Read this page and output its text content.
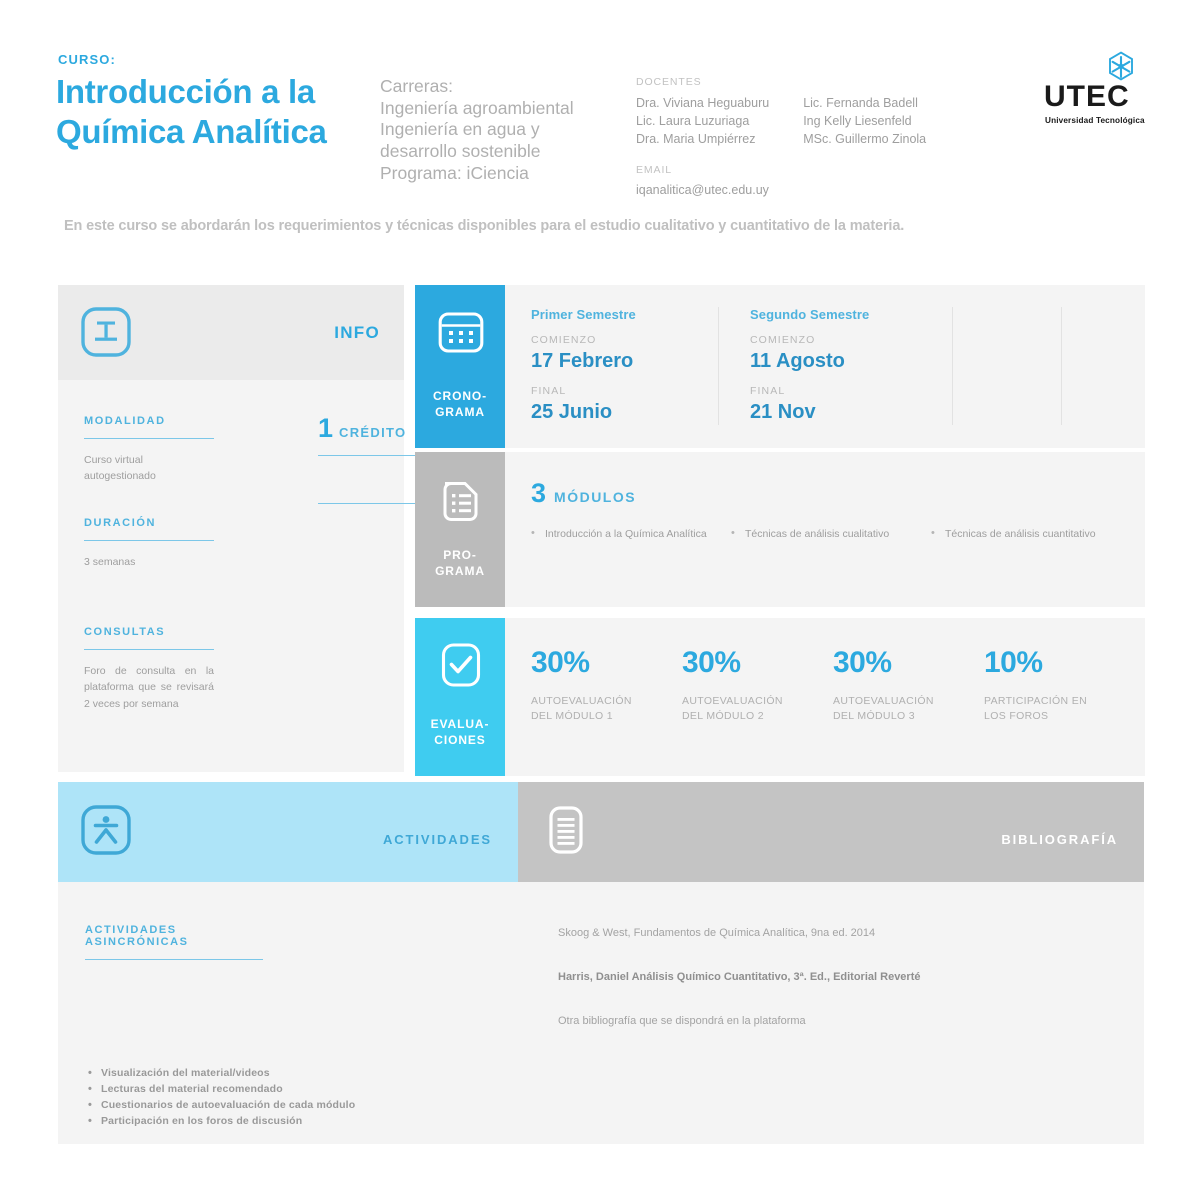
CURSO:
Introducción a la
Química Analítica
Carreras:
Ingeniería agroambiental
Ingeniería en agua y
desarrollo sostenible
Programa: iCiencia
DOCENTES
Dra. Viviana Heguaburu
Lic. Laura Luzuriaga
Dra. Maria Umpiérrez
Lic. Fernanda Badell
Ing Kelly Liesenfeld
MSc. Guillermo Zinola
EMAIL
iqanalitica@utec.edu.uy
UTEC
Universidad Tecnológica
En este curso se abordarán los requerimientos y técnicas disponibles para el estudio cualitativo y cuantitativo de la materia.
INFO
MODALIDAD
Curso virtual autogestionado
1 CRÉDITO
DURACIÓN
3 semanas
CONSULTAS
Foro de consulta en la plataforma que se revisará 2 veces por semana
CRONO-
GRAMA
Primer Semestre
COMIENZO
17 Febrero
FINAL
25 Junio
Segundo Semestre
COMIENZO
11 Agosto
FINAL
21 Nov
PRO-
GRAMA
3 MÓDULOS
• Introducción a la Química Analítica	• Técnicas de análisis cualitativo	• Técnicas de análisis cuantitativo
EVALUA-
CIONES
30%
AUTOEVALUACIÓN
DEL MÓDULO 1
30%
AUTOEVALUACIÓN
DEL MÓDULO 2
30%
AUTOEVALUACIÓN
DEL MÓDULO 3
10%
PARTICIPACIÓN EN
LOS FOROS
ACTIVIDADES
ACTIVIDADES ASINCRÓNICAS
• Visualización del material/videos
• Lecturas del material recomendado
• Cuestionarios de autoevaluación de cada módulo
• Participación en los foros de discusión
BIBLIOGRAFÍA
Skoog & West, Fundamentos de Química Analítica, 9na ed. 2014
Harris, Daniel Análisis Químico Cuantitativo, 3ª. Ed., Editorial Reverté
Otra bibliografía que se dispondrá en la plataforma
